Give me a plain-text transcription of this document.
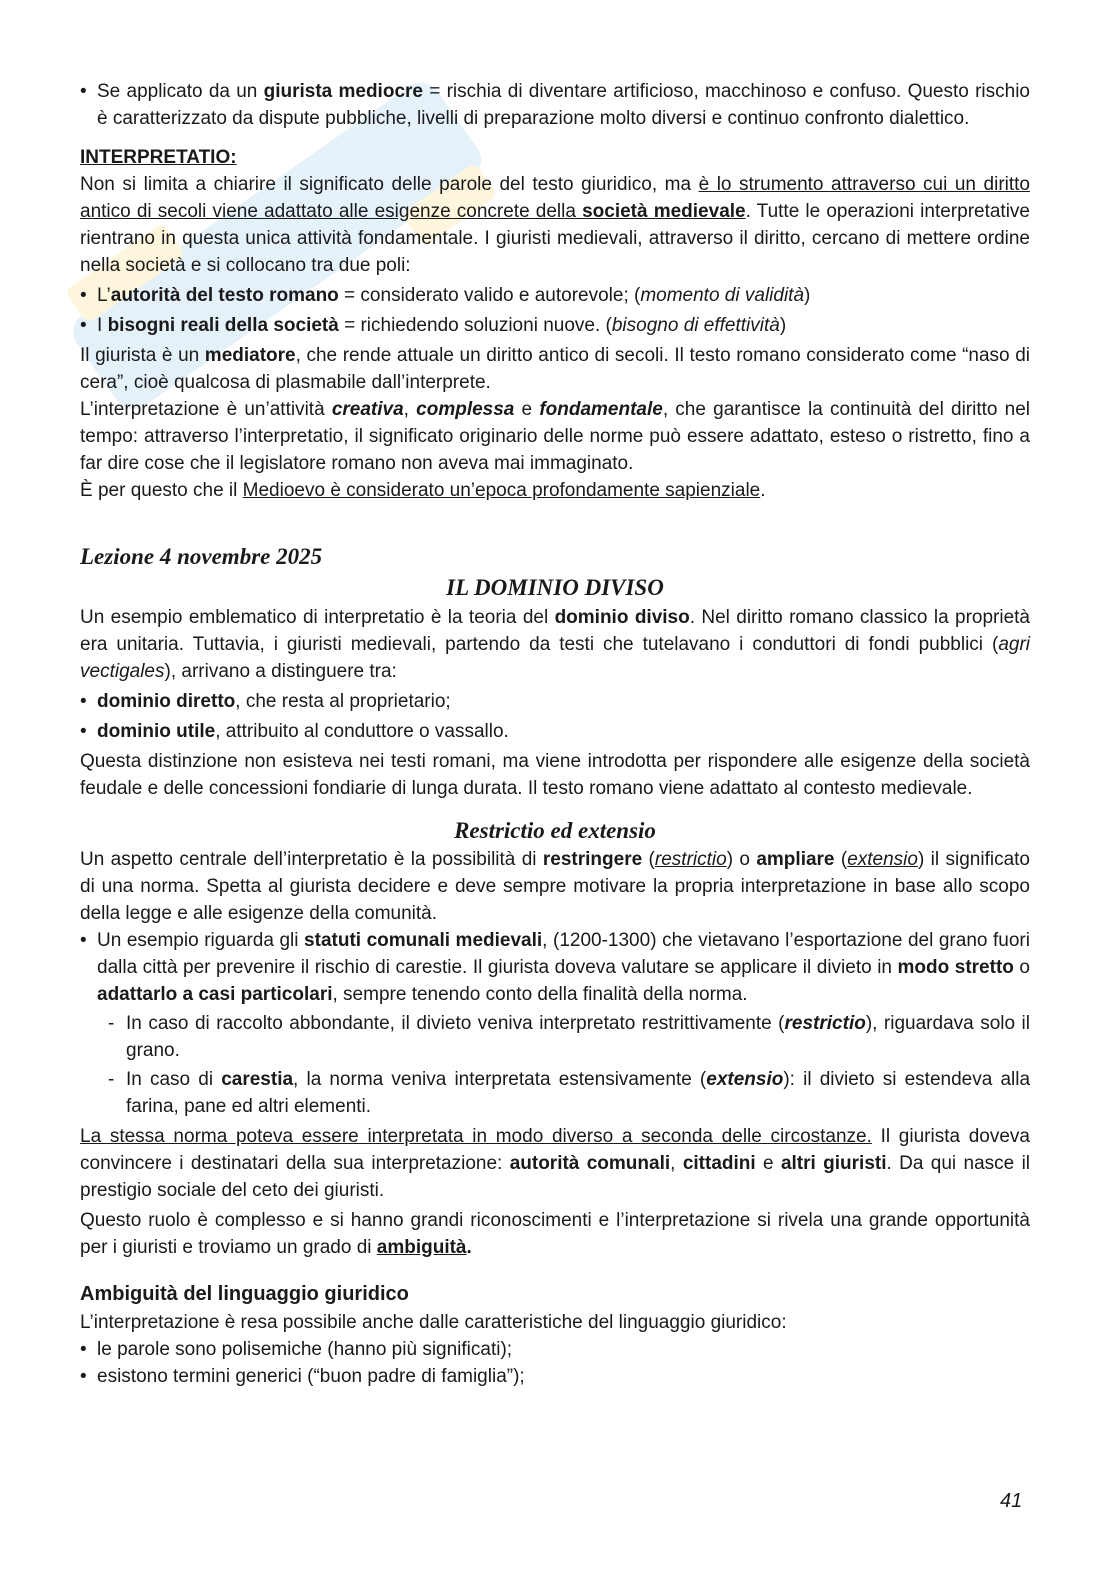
• Se applicato da un giurista mediocre = rischia di diventare artificioso, macchinoso e confuso. Questo rischio è caratterizzato da dispute pubbliche, livelli di preparazione molto diversi e continuo confronto dialettico.
INTERPRETATIO:

Non si limita a chiarire il significato delle parole del testo giuridico, ma è lo strumento attraverso cui un diritto antico di secoli viene adattato alle esigenze concrete della società medievale. Tutte le operazioni interpretative rientrano in questa unica attività fondamentale. I giuristi medievali, attraverso il diritto, cercano di mettere ordine nella società e si collocano tra due poli:

• L’autorità del testo romano = considerato valido e autorevole; (momento di validità)
• I bisogni reali della società = richiedendo soluzioni nuove. (bisogno di effettività)

Il giurista è un mediatore, che rende attuale un diritto antico di secoli. Il testo romano considerato come “naso di cera”, cioè qualcosa di plasmabile dall’interprete.

L’interpretazione è un’attività creativa, complessa e fondamentale, che garantisce la continuità del diritto nel tempo: attraverso l’interpretatio, il significato originario delle norme può essere adattato, esteso o ristretto, fino a far dire cose che il legislatore romano non aveva mai immaginato.

È per questo che il Medioevo è considerato un’epoca profondamente sapienziale.

Lezione 4 novembre 2025
IL DOMINIO DIVISO

Un esempio emblematico di interpretatio è la teoria del dominio diviso. Nel diritto romano classico la proprietà era unitaria. Tuttavia, i giuristi medievali, partendo da testi che tutelavano i conduttori di fondi pubblici (agri vectigales), arrivano a distinguere tra:

• dominio diretto, che resta al proprietario;
• dominio utile, attribuito al conduttore o vassallo.

Questa distinzione non esisteva nei testi romani, ma viene introdotta per rispondere alle esigenze della società feudale e delle concessioni fondiarie di lunga durata. Il testo romano viene adattato al contesto medievale.

Restrictio ed extensio

Un aspetto centrale dell’interpretatio è la possibilità di restringere (restrictio) o ampliare (extensio) il significato di una norma. Spetta al giurista decidere e deve sempre motivare la propria interpretazione in base allo scopo della legge e alle esigenze della comunità.

• Un esempio riguarda gli statuti comunali medievali, (1200-1300) che vietavano l’esportazione del grano fuori dalla città per prevenire il rischio di carestie. Il giurista doveva valutare se applicare il divieto in modo stretto o adattarlo a casi particolari, sempre tenendo conto della finalità della norma.
- In caso di raccolto abbondante, il divieto veniva interpretato restrittivamente (restrictio), riguardava solo il grano.
- In caso di carestia, la norma veniva interpretata estensivamente (extensio): il divieto si estendeva alla farina, pane ed altri elementi.

La stessa norma poteva essere interpretata in modo diverso a seconda delle circostanze. Il giurista doveva convincere i destinatari della sua interpretazione: autorità comunali, cittadini e altri giuristi. Da qui nasce il prestigio sociale del ceto dei giuristi.

Questo ruolo è complesso e si hanno grandi riconoscimenti e l’interpretazione si rivela una grande opportunità per i giuristi e troviamo un grado di ambiguità.

Ambiguità del linguaggio giuridico

L’interpretazione è resa possibile anche dalle caratteristiche del linguaggio giuridico:

• le parole sono polisemiche (hanno più significati);
• esistono termini generici (“buon padre di famiglia”);
41
